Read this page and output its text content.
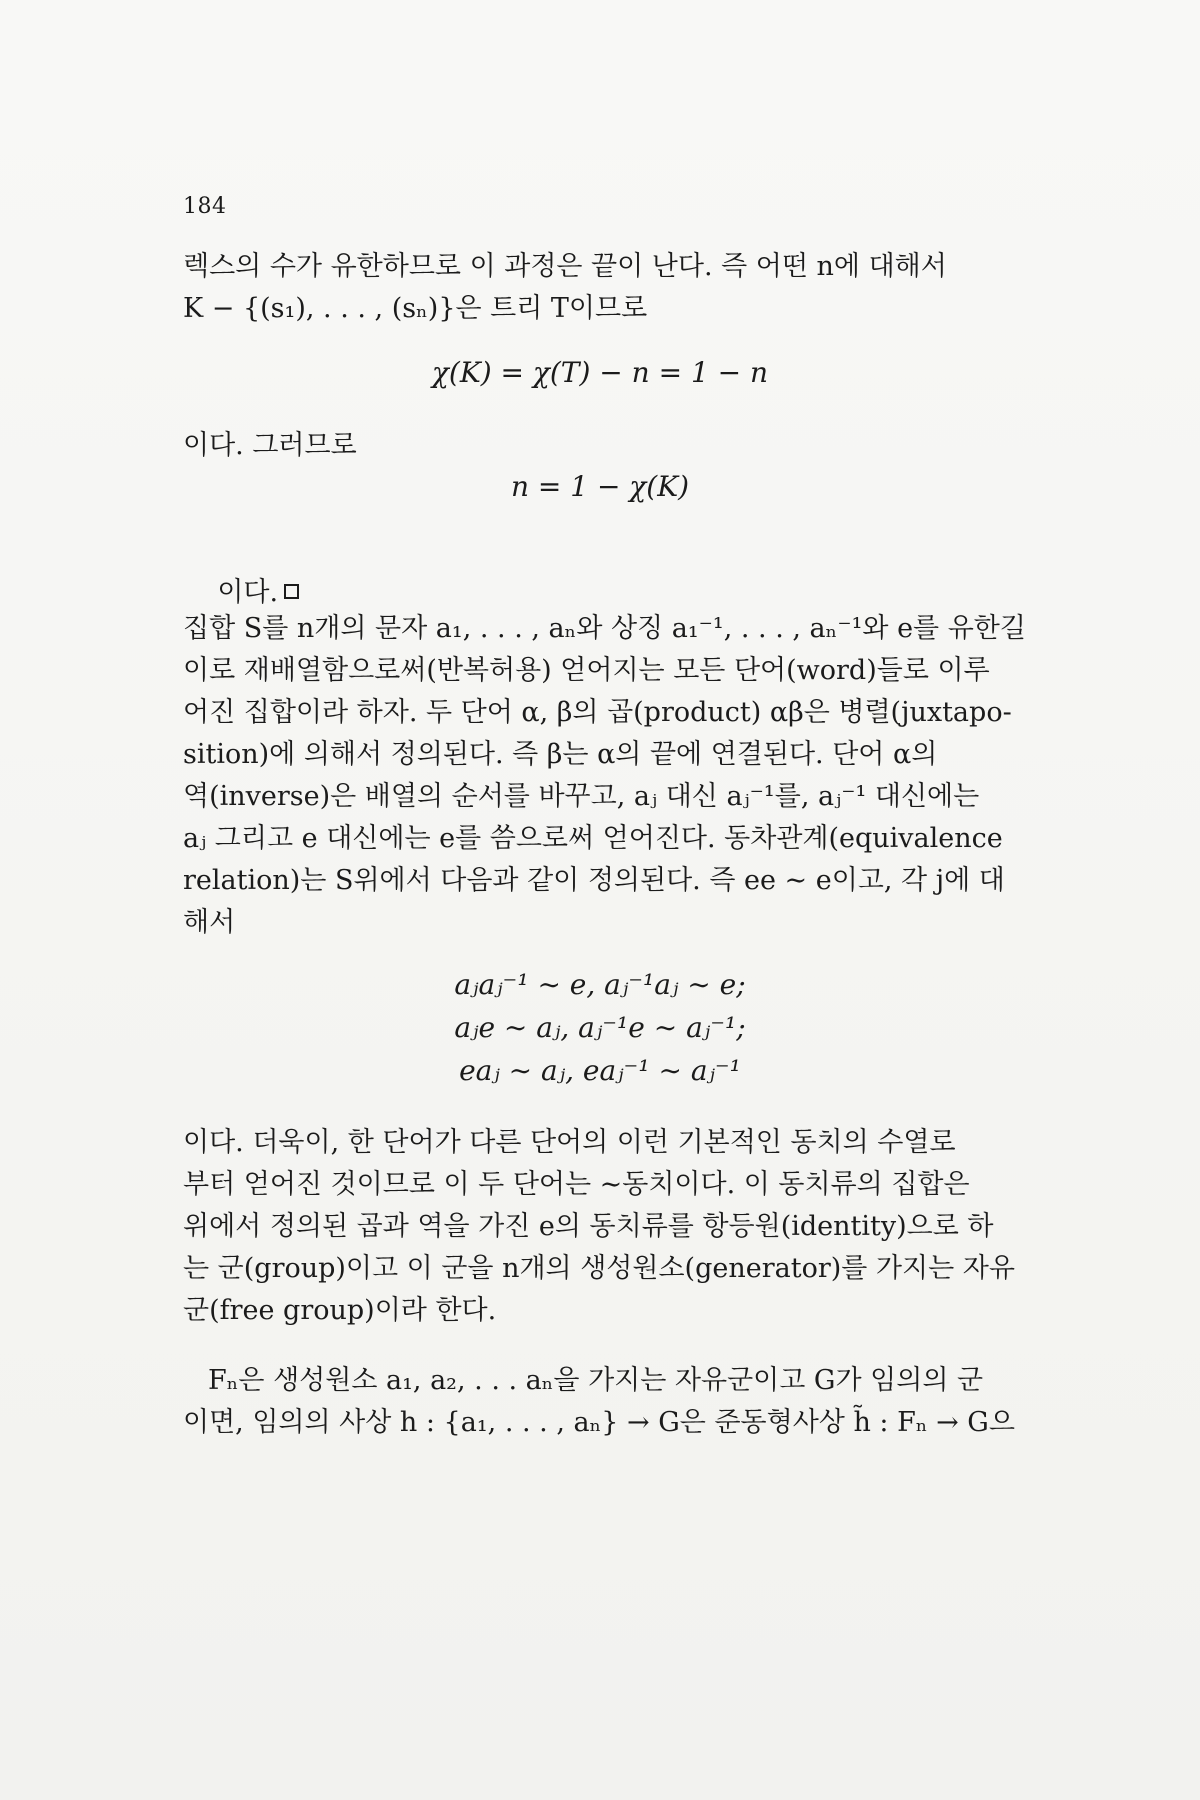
184
렉스의 수가 유한하므로 이 과정은 끝이 난다. 즉 어떤 n에 대해서
K − {(s₁), . . . , (sₙ)}은 트리 T이므로
χ(K) = χ(T) − n = 1 − n
이다. 그러므로
n = 1 − χ(K)

이다.

집합 S를 n개의 문자 a₁, . . . , aₙ와 상징 a₁⁻¹, . . . , aₙ⁻¹와 e를 유한길
이로 재배열함으로써(반복허용) 얻어지는 모든 단어(word)들로 이루
어진 집합이라 하자. 두 단어 α, β의 곱(product) αβ은 병렬(juxtapo-
sition)에 의해서 정의된다. 즉 β는 α의 끝에 연결된다. 단어 α의
역(inverse)은 배열의 순서를 바꾸고, aⱼ 대신 aⱼ⁻¹를, aⱼ⁻¹ 대신에는
aⱼ 그리고 e 대신에는 e를 씀으로써 얻어진다. 동차관계(equivalence
relation)는 S위에서 다음과 같이 정의된다. 즉 ee ∼ e이고, 각 j에 대
해서
aⱼaⱼ⁻¹ ∼ e, aⱼ⁻¹aⱼ ∼ e;
aⱼe ∼ aⱼ, aⱼ⁻¹e ∼ aⱼ⁻¹;
eaⱼ ∼ aⱼ, eaⱼ⁻¹ ∼ aⱼ⁻¹
이다. 더욱이, 한 단어가 다른 단어의 이런 기본적인 동치의 수열로
부터 얻어진 것이므로 이 두 단어는 ∼동치이다. 이 동치류의 집합은
위에서 정의된 곱과 역을 가진 e의 동치류를 항등원(identity)으로 하
는 군(group)이고 이 군을 n개의 생성원소(generator)를 가지는 자유
군(free group)이라 한다.
Fₙ은 생성원소 a₁, a₂, . . . aₙ을 가지는 자유군이고 G가 임의의 군
이면, 임의의 사상 h : {a₁, . . . , aₙ} → G은 준동형사상 h̃ : Fₙ → G으
